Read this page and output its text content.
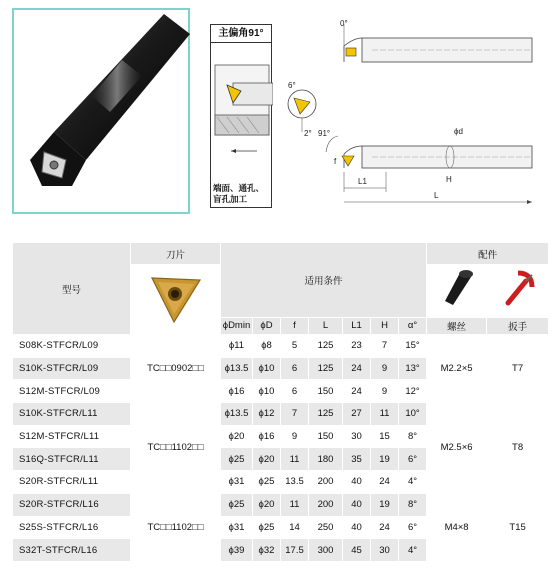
主偏角91°
端面、通孔、盲孔加工
0°
6°
2° 91°
f
L1
L
ϕd
H
型号	刀片	适用条件							配件	

		ϕDmin	ϕD	f	L	L1	H	α°	螺丝	扳手
S08K-STFCR/L09	TC□□0902□□	ϕ11	ϕ8	5	125	23	7	15°	M2.2×5	T7
S10K-STFCR/L09		ϕ13.5	ϕ10	6	125	24	9	13°		
S12M-STFCR/L09		ϕ16	ϕ10	6	150	24	9	12°		
S10K-STFCR/L11	TC□□1102□□	ϕ13.5	ϕ12	7	125	27	11	10°	M2.5×6	T8
S12M-STFCR/L11		ϕ20	ϕ16	9	150	30	15	8°		
S16Q-STFCR/L11		ϕ25	ϕ20	11	180	35	19	6°		
S20R-STFCR/L11		ϕ31	ϕ25	13.5	200	40	24	4°		
S20R-STFCR/L16	TC□□1102□□	ϕ25	ϕ20	11	200	40	19	8°	M4×8	T15
S25S-STFCR/L16		ϕ31	ϕ25	14	250	40	24	6°		
S32T-STFCR/L16		ϕ39	ϕ32	17.5	300	45	30	4°		
